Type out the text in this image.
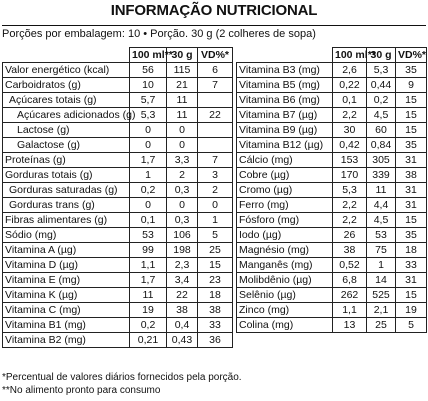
INFORMAÇÃO NUTRICIONAL
Porções por embalagem: 10 • Porção. 30 g (2 colheres de sopa)
	100 ml**	30 g	VD%*
Valor energético (kcal)	56	115	6
Carboidratos (g)	10	21	7
Açúcares totais (g)	5,7	11	
Açúcares adicionados (g)	5,3	11	22
Lactose (g)	0	0	
Galactose (g)	0	0	
Proteínas (g)	1,7	3,3	7
Gorduras totais (g)	1	2	3
Gorduras saturadas (g)	0,2	0,3	2
Gorduras trans (g)	0	0	0
Fibras alimentares (g)	0,1	0,3	1
Sódio (mg)	53	106	5
Vitamina A (µg)	99	198	25
Vitamina D (µg)	1,1	2,3	15
Vitamina E (mg)	1,7	3,4	23
Vitamina K (µg)	11	22	18
Vitamina C (mg)	19	38	38
Vitamina B1 (mg)	0,2	0,4	33
Vitamina B2 (mg)	0,21	0,43	36
	100 ml**	30 g	VD%*
Vitamina B3 (mg)	2,6	5,3	35
Vitamina B5 (mg)	0,22	0,44	9
Vitamina B6 (mg)	0,1	0,2	15
Vitamina B7 (µg)	2,2	4,5	15
Vitamina B9 (µg)	30	60	15
Vitamina B12 (µg)	0,42	0,84	35
Cálcio (mg)	153	305	31
Cobre (µg)	170	339	38
Cromo (µg)	5,3	11	31
Ferro (mg)	2,2	4,4	31
Fósforo (mg)	2,2	4,5	15
Iodo (µg)	26	53	35
Magnésio (mg)	38	75	18
Manganês (mg)	0,52	1	33
Molibdênio (µg)	6,8	14	31
Selênio (µg)	262	525	15
Zinco (mg)	1,1	2,1	19
Colina (mg)	13	25	5
*Percentual de valores diários fornecidos pela porção.
**No alimento pronto para consumo
